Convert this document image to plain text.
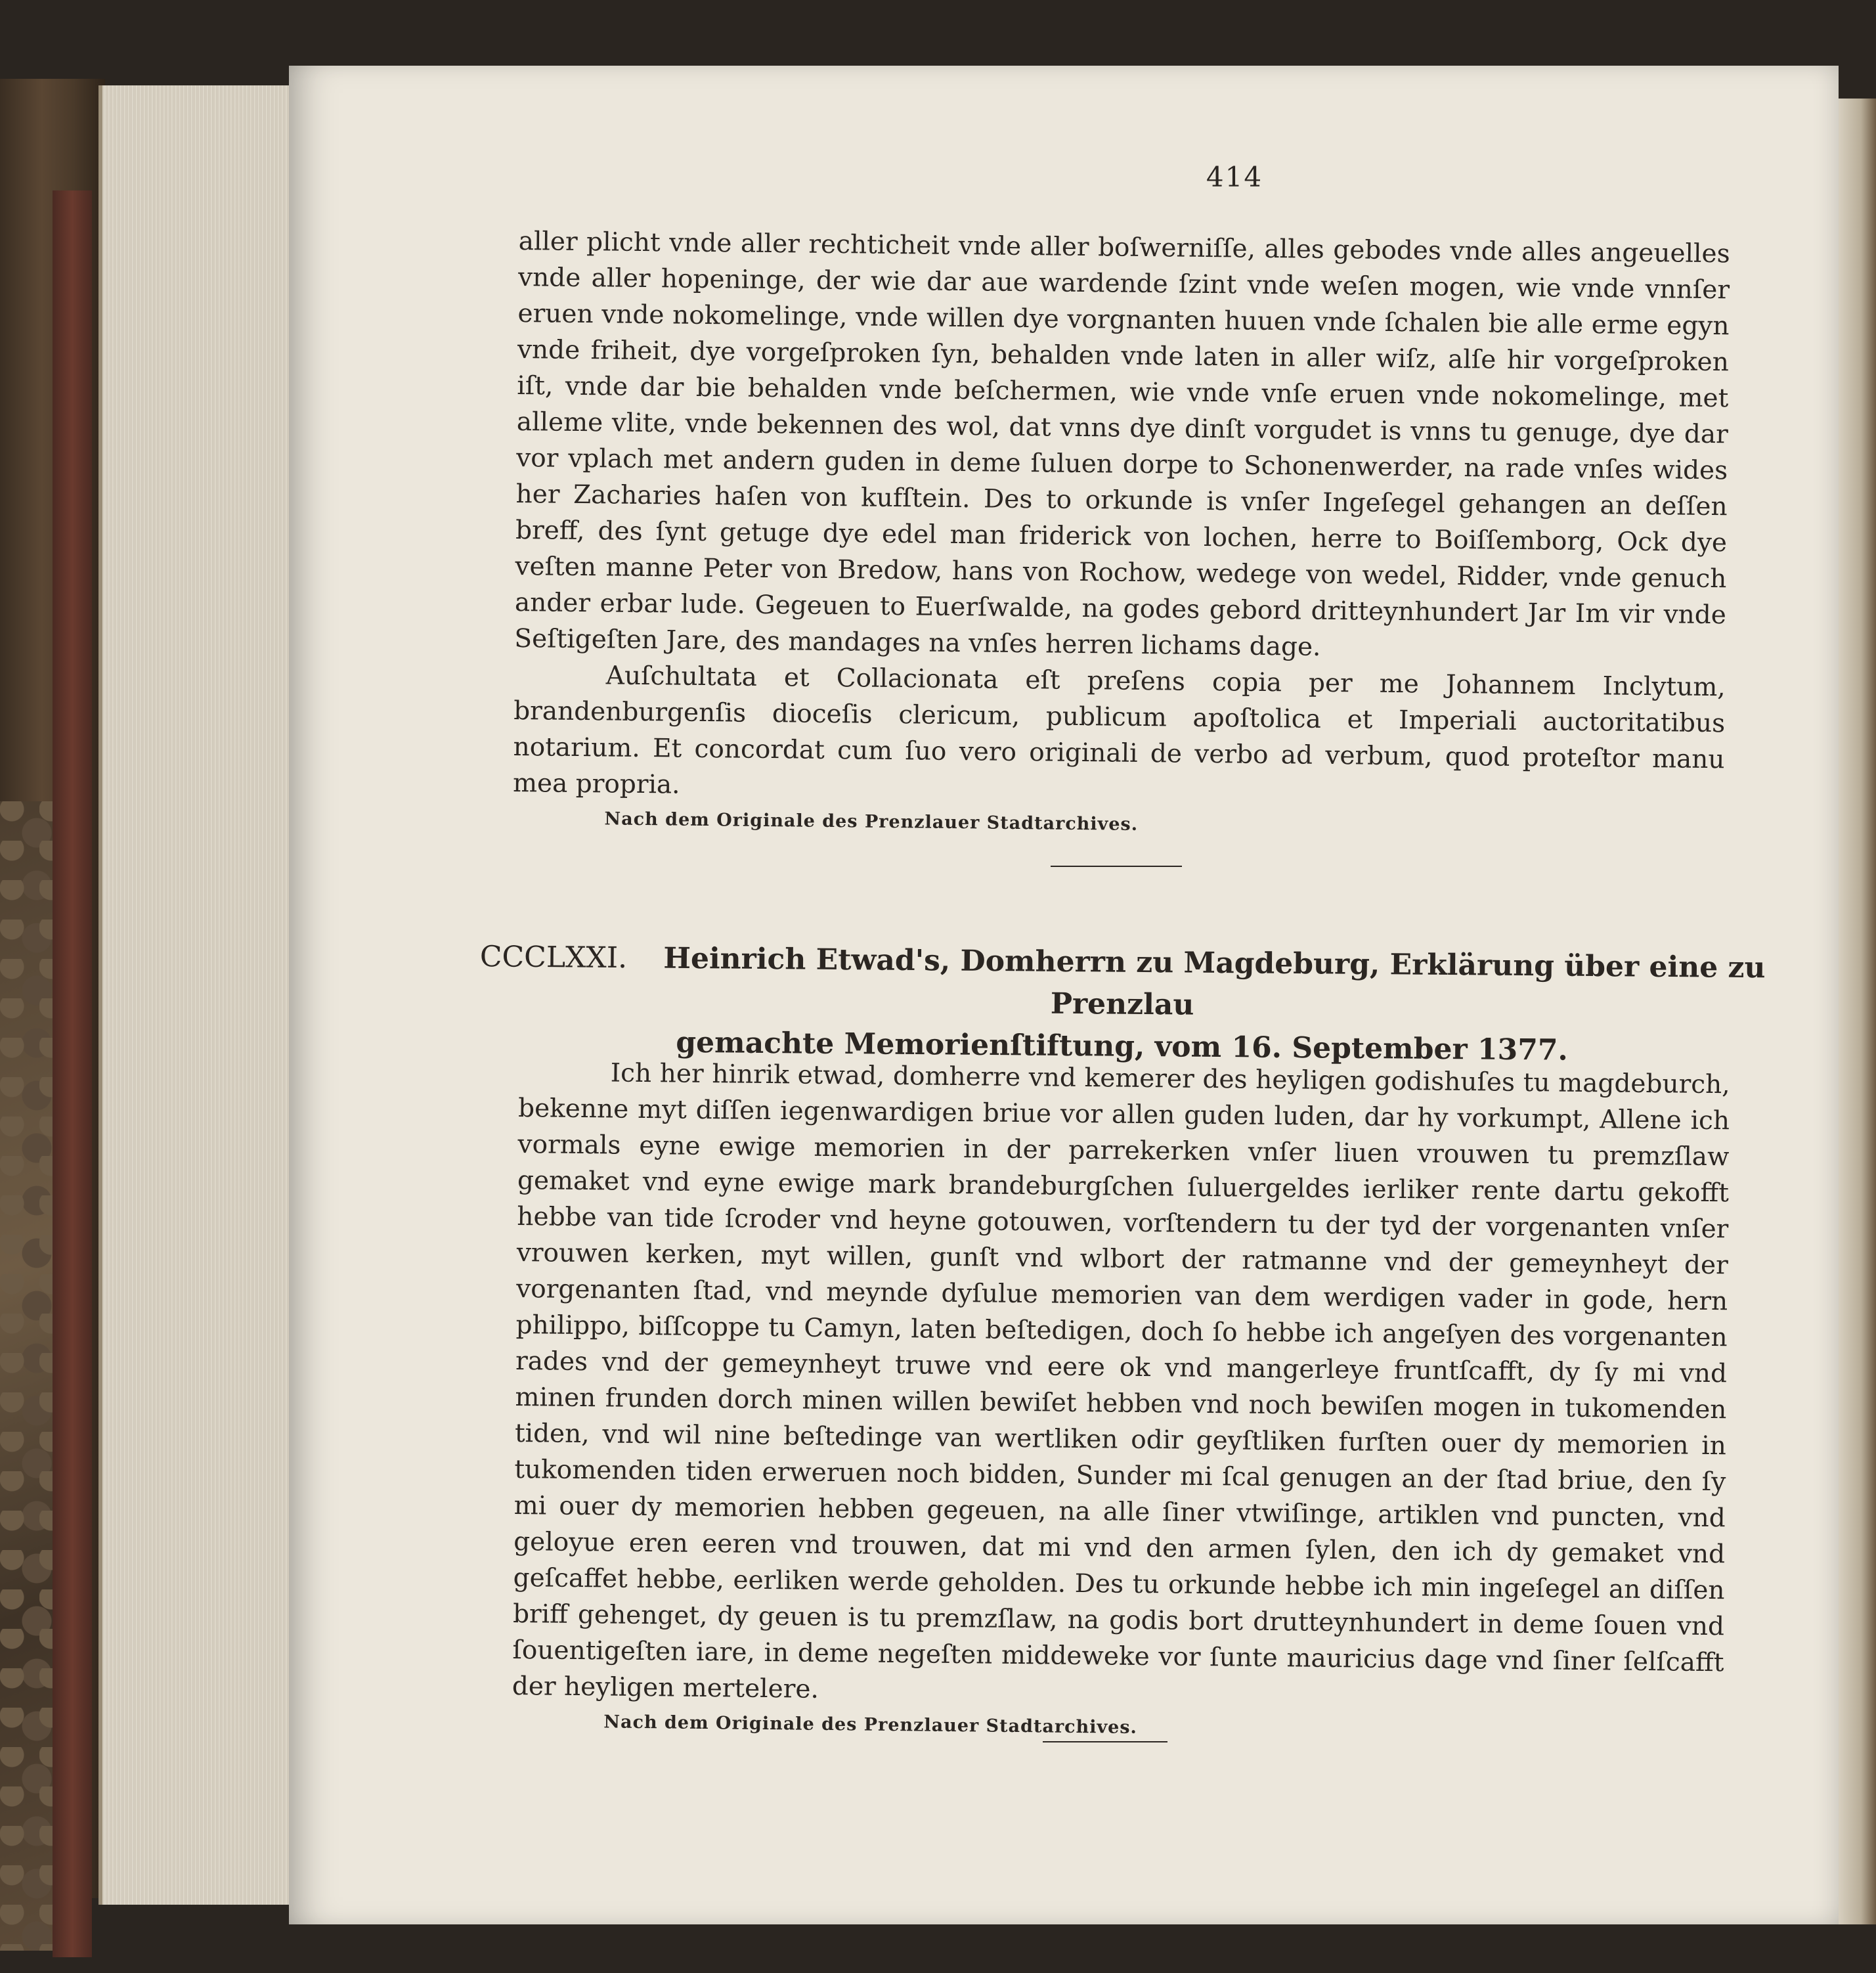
414

aller plicht vnde aller rechticheit vnde aller boſwerniſſe, alles gebodes vnde alles angeuelles vnde aller hopeninge, der wie dar aue wardende ſzint vnde weſen mogen, wie vnde vnnſer eruen vnde nokomelinge, vnde willen dye vorgnanten huuen vnde ſchalen bie alle erme egyn vnde friheit, dye vorgeſproken ſyn, behalden vnde laten in aller wiſz, alſe hir vorgeſproken iſt, vnde dar bie behalden vnde beſchermen, wie vnde vnſe eruen vnde nokomelinge, met alleme vlite, vnde bekennen des wol, dat vnns dye dinſt vorgudet is vnns tu genuge, dye dar vor vplach met andern guden in deme ſuluen dorpe to Schonenwerder, na rade vnſes wides her Zacharies haſen von kufſtein. Des to orkunde is vnſer Ingeſegel gehangen an deſſen breff, des ſynt getuge dye edel man friderick von lochen, herre to Boiſſemborg, Ock dye veſten manne Peter von Bredow, hans von Rochow, wedege von wedel, Ridder, vnde genuch ander erbar lude. Gegeuen to Euerſwalde, na godes gebord dritteynhundert Jar Im vir vnde Seſtigeſten Jare, des mandages na vnſes herren lichams dage.

Auſchultata et Collacionata eſt preſens copia per me Johannem Inclytum, brandenburgenſis dioceſis clericum, publicum apoſtolica et Imperiali auctoritatibus notarium. Et concordat cum ſuo vero originali de verbo ad verbum, quod proteſtor manu mea propria.

Nach dem Originale des Prenzlauer Stadtarchives.
CCCLXXI. Heinrich Etwad's, Domherrn zu Magdeburg, Erklärung über eine zu Prenzlau
gemachte Memorienſtiftung, vom 16. September 1377.

Ich her hinrik etwad, domherre vnd kemerer des heyligen godishuſes tu magdeburch, bekenne myt diſſen iegenwardigen briue vor allen guden luden, dar hy vorkumpt, Allene ich vormals eyne ewige memorien in der parrekerken vnſer liuen vrouwen tu premzſlaw gemaket vnd eyne ewige mark brandeburgſchen ſuluergeldes ierliker rente dartu gekofft hebbe van tide ſcroder vnd heyne gotouwen, vorſtendern tu der tyd der vorgenanten vnſer vrouwen kerken, myt willen, gunſt vnd wlbort der ratmanne vnd der gemeynheyt der vorgenanten ſtad, vnd meynde dyſulue memorien van dem werdigen vader in gode, hern philippo, biſſcoppe tu Camyn, laten beſtedigen, doch ſo hebbe ich angeſyen des vorgenanten rades vnd der gemeynheyt truwe vnd eere ok vnd mangerleye fruntſcafft, dy ſy mi vnd minen frunden dorch minen willen bewiſet hebben vnd noch bewiſen mogen in tukomenden tiden, vnd wil nine beſtedinge van wertliken odir geyſtliken furſten ouer dy memorien in tukomenden tiden erweruen noch bidden, Sunder mi ſcal genugen an der ſtad briue, den ſy mi ouer dy memorien hebben gegeuen, na alle ſiner vtwiſinge, artiklen vnd puncten, vnd geloyue eren eeren vnd trouwen, dat mi vnd den armen ſylen, den ich dy gemaket vnd geſcaffet hebbe, eerliken werde geholden. Des tu orkunde hebbe ich min ingeſegel an diſſen briff gehenget, dy geuen is tu premzſlaw, na godis bort drutteynhundert in deme ſouen vnd ſouentigeſten iare, in deme negeſten middeweke vor ſunte mauricius dage vnd ſiner ſelſcafft der heyligen mertelere.

Nach dem Originale des Prenzlauer Stadtarchives.
